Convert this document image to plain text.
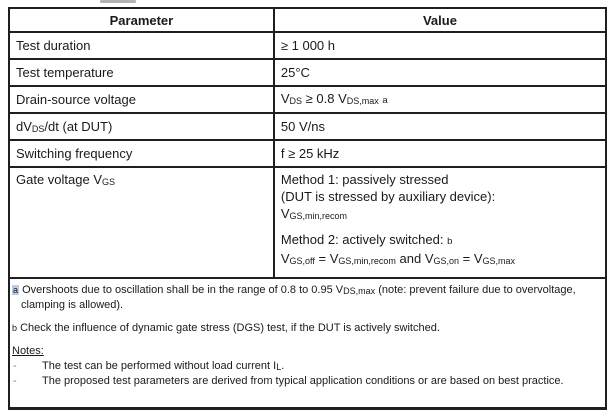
Parameter	Value
Test duration	≥ 1 000 h
Test temperature	25°C
Drain-source voltage	$V_{DS} \ge 0.8$ $V_{DS,max}$ a
$dV_{DS}/dt$ (at DUT)	50 V/ns
Switching frequency	f ≥ 25 kHz
Gate voltage $V_{GS}$	Method 1: passively stressed
(DUT is stressed by auxiliary device):
$V_{GS,min,recom}$
Method 2: actively switched: b
$V_{GS,off} = V_{GS,min,recom}$ and $V_{GS,on} = V_{GS,max}$

a Overshoots due to oscillation shall be in the range of 0.8 to 0.95 $V_{DS,max}$ (note: prevent failure due to overvoltage, clamping is allowed).
b Check the influence of dynamic gate stress (DGS) test, if the DUT is actively switched.
Notes:
- The test can be performed without load current $I_L$.
- The proposed test parameters are derived from typical application conditions or are based on best practice.
